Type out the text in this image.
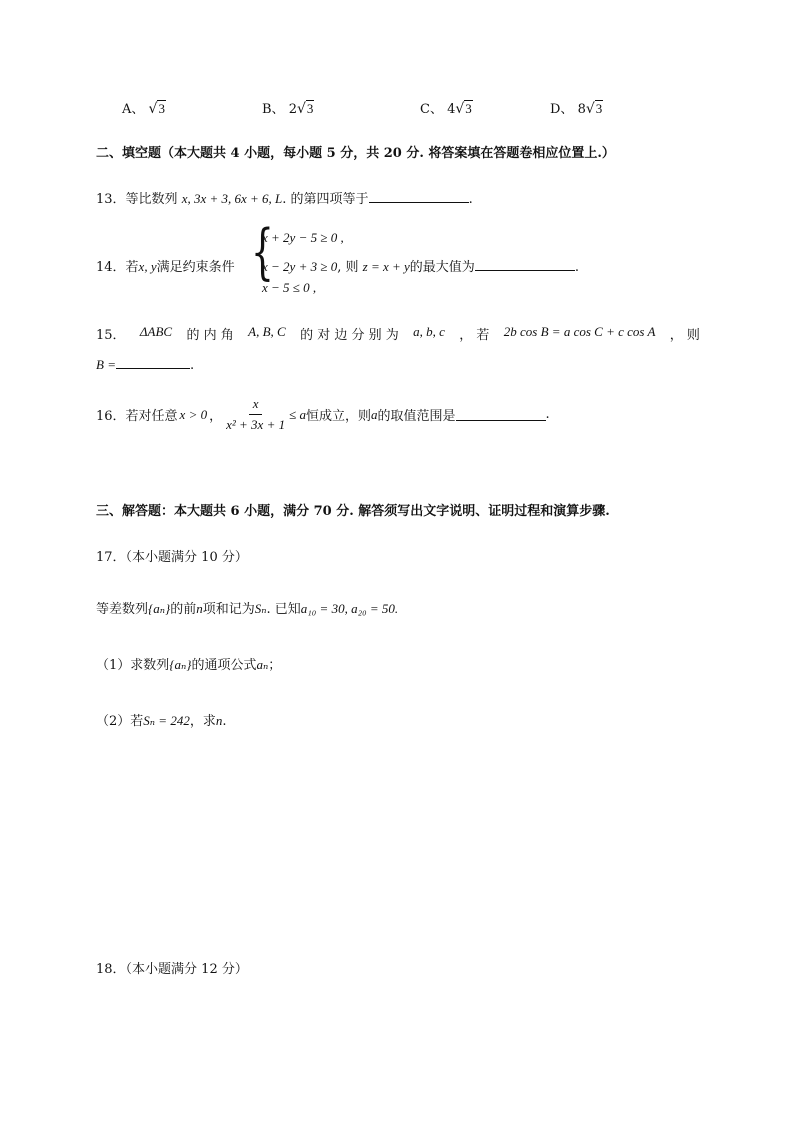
A、 √3	B、 2√3	C、 4√3	D、 8√3
二、填空题（本大题共 4 小题，每小题 5 分，共 20 分. 将答案填在答题卷相应位置上.）
13．等比数列 x, 3x + 3, 6x + 6, L. 的第四项等于	.
14．若x, y满足约束条件 {
x + 2y − 5 ≥ 0 ,
x − 2y + 3 ≥ 0, 则 z = x + y的最大值为	.
x − 5 ≤ 0 ,
15． ΔABC 的 内 角 A, B, C 的 对 边 分 别 为 a, b, c ， 若 2b cos B = a cos C + c cos A ， 则
B =	.
16．若对任意 x > 0 ， $\frac{x}{\text{x² + 3x + 1}} \le a$ 恒成立，则 a 的取值范围是	.
三、解答题：本大题共 6 小题，满分 70 分. 解答须写出文字说明、证明过程和演算步骤.
17．（本小题满分 10 分）
等差数列{aₙ}的前n项和记为Sₙ. 已知a₁₀ = 30, a₂₀ = 50.
（1）求数列{aₙ}的通项公式aₙ；
（2）若Sₙ = 242，求n.
18．（本小题满分 12 分）
